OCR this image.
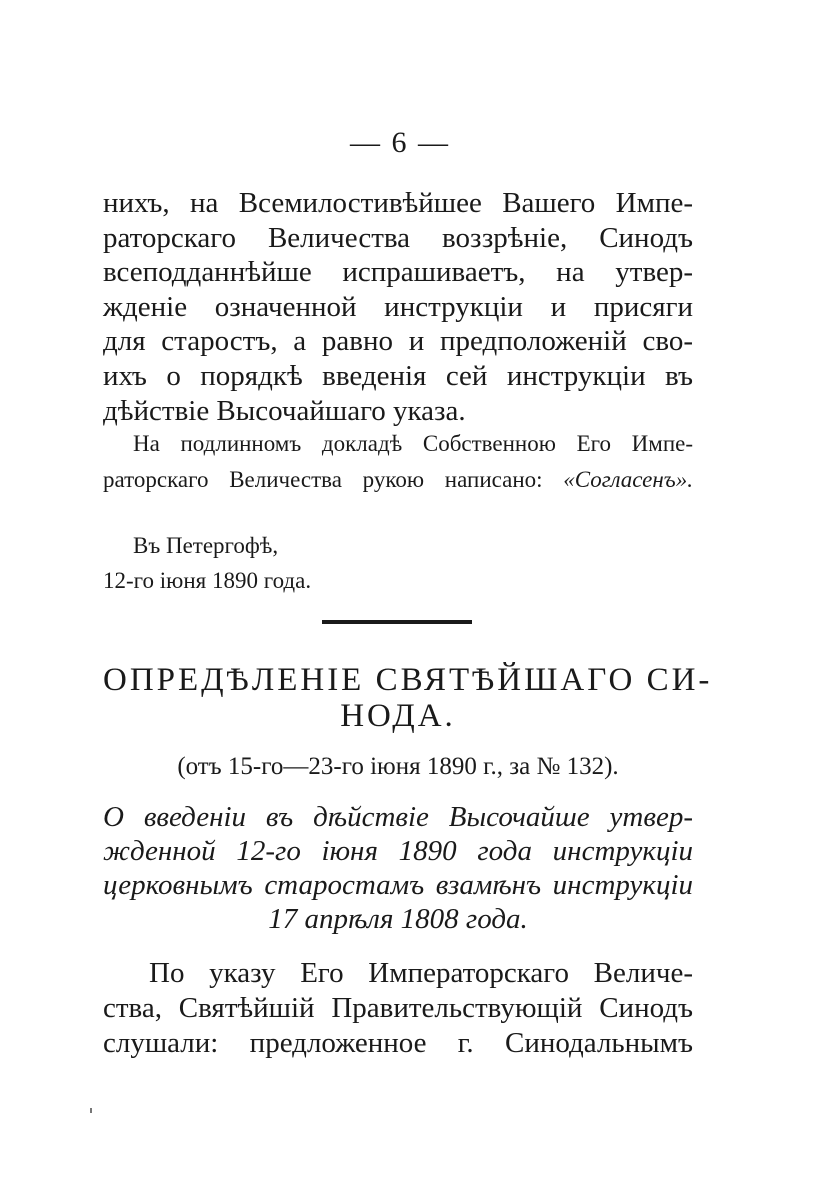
— 6 —
нихъ, на Всемилостивѣйшее Вашего Импе-
раторскаго Величества воззрѣніе, Синодъ
всеподданнѣйше испрашиваетъ, на утвер-
жденіе означенной инструкціи и присяги
для старостъ, а равно и предположеній сво-
ихъ о порядкѣ введенія сей инструкціи въ
дѣйствіе Высочайшаго указа.
На подлинномъ докладѣ Собственною Его Импе-
раторскаго Величества рукою написано: «Согласенъ».
Въ Петергофѣ,
12-го іюня 1890 года.
ОПРЕДѢЛЕНІЕ СВЯТѢЙШАГО СИ-
НОДА.
(отъ 15-го—23-го іюня 1890 г., за № 132).
О введеніи въ дѣйствіе Высочайше утвер-
жденной 12-го іюня 1890 года инструкціи
церковнымъ старостамъ взамѣнъ инструкціи
17 апрѣля 1808 года.
По указу Его Императорскаго Величе-
ства, Святѣйшій Правительствующій Синодъ
слушали: предложенное г. Синодальнымъ
